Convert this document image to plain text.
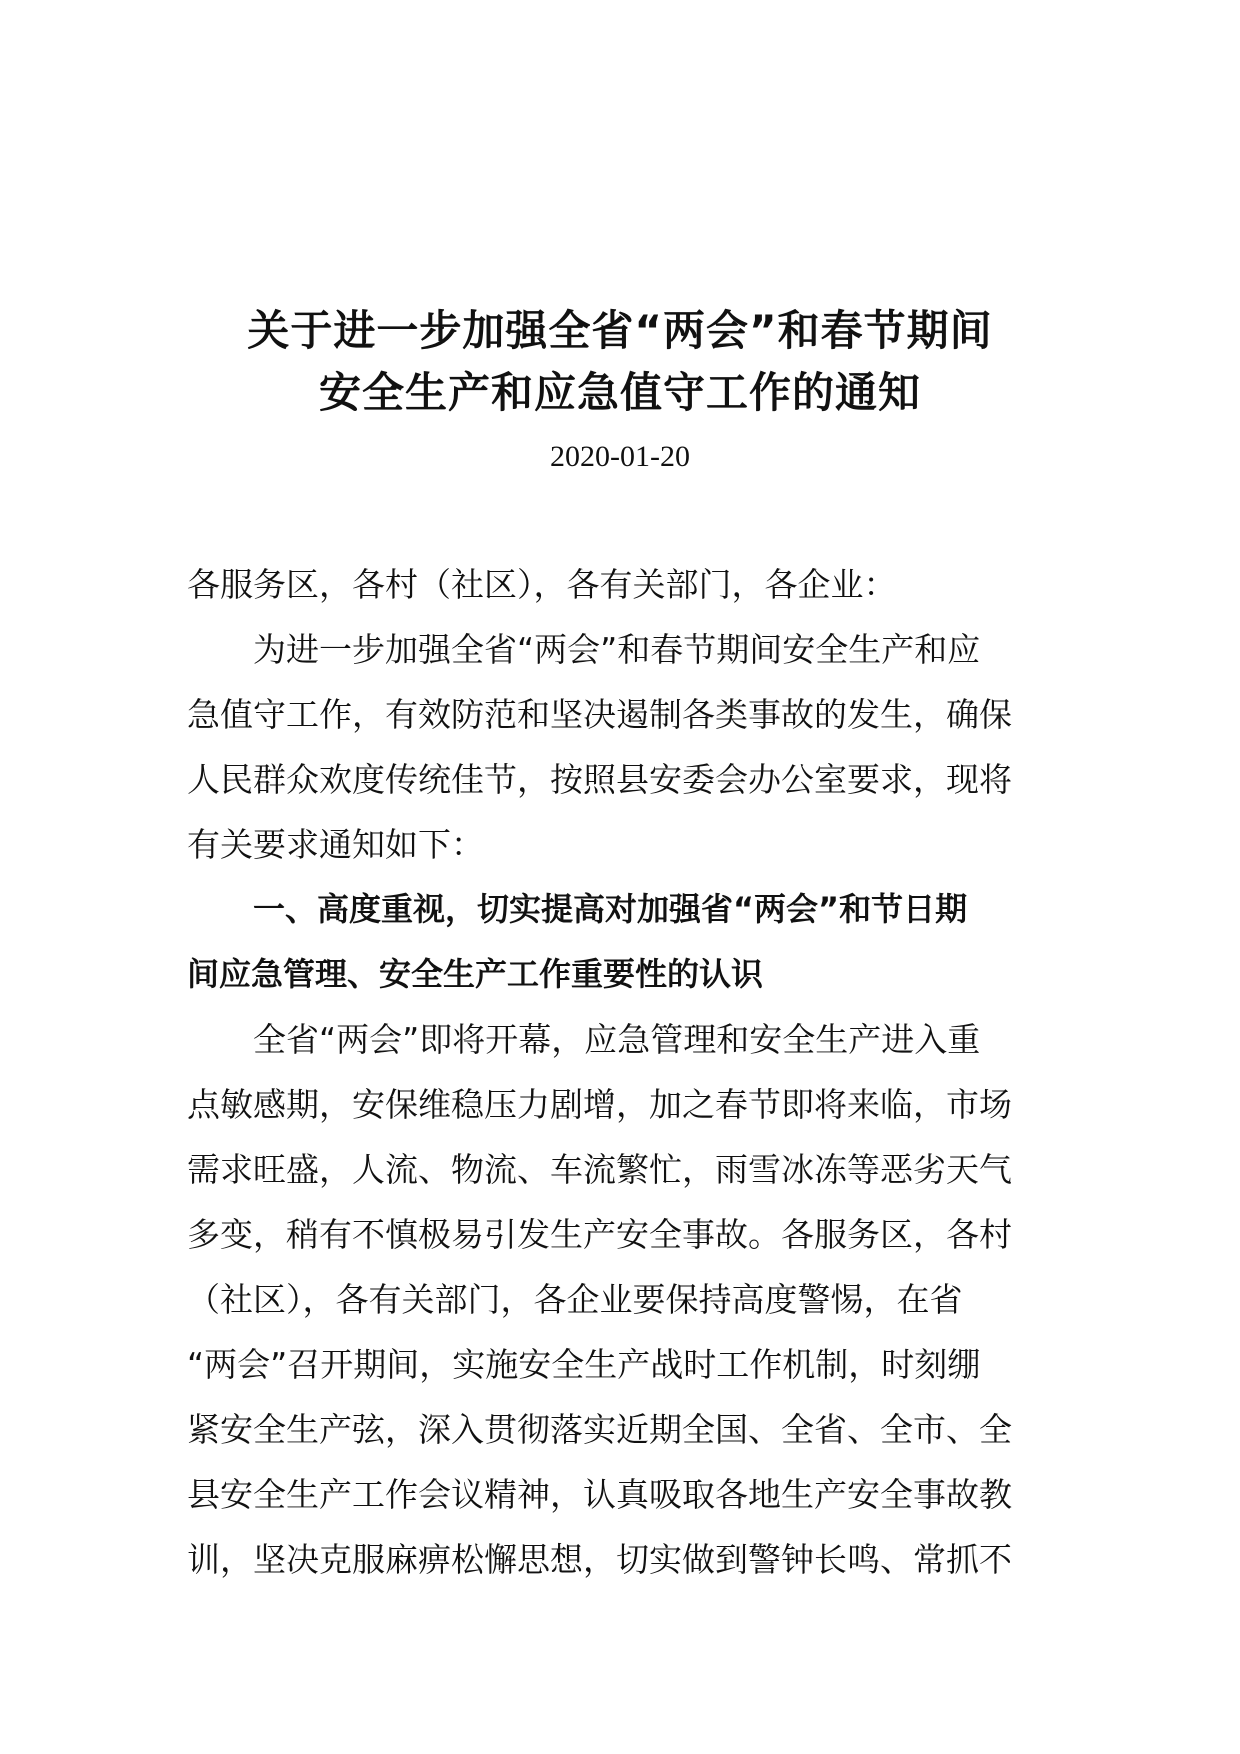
关于进一步加强全省“两会”和春节期间
安全生产和应急值守工作的通知
2020-01-20
各服务区，各村（社区），各有关部门，各企业：
为进一步加强全省“两会”和春节期间安全生产和应
急值守工作，有效防范和坚决遏制各类事故的发生，确保
人民群众欢度传统佳节，按照县安委会办公室要求，现将
有关要求通知如下：
一、高度重视，切实提高对加强省“两会”和节日期
间应急管理、安全生产工作重要性的认识
全省“两会”即将开幕，应急管理和安全生产进入重
点敏感期，安保维稳压力剧增，加之春节即将来临，市场
需求旺盛，人流、物流、车流繁忙，雨雪冰冻等恶劣天气
多变，稍有不慎极易引发生产安全事故。各服务区，各村
（社区），各有关部门，各企业要保持高度警惕，在省
“两会”召开期间，实施安全生产战时工作机制，时刻绷
紧安全生产弦，深入贯彻落实近期全国、全省、全市、全
县安全生产工作会议精神，认真吸取各地生产安全事故教
训，坚决克服麻痹松懈思想，切实做到警钟长鸣、常抓不
